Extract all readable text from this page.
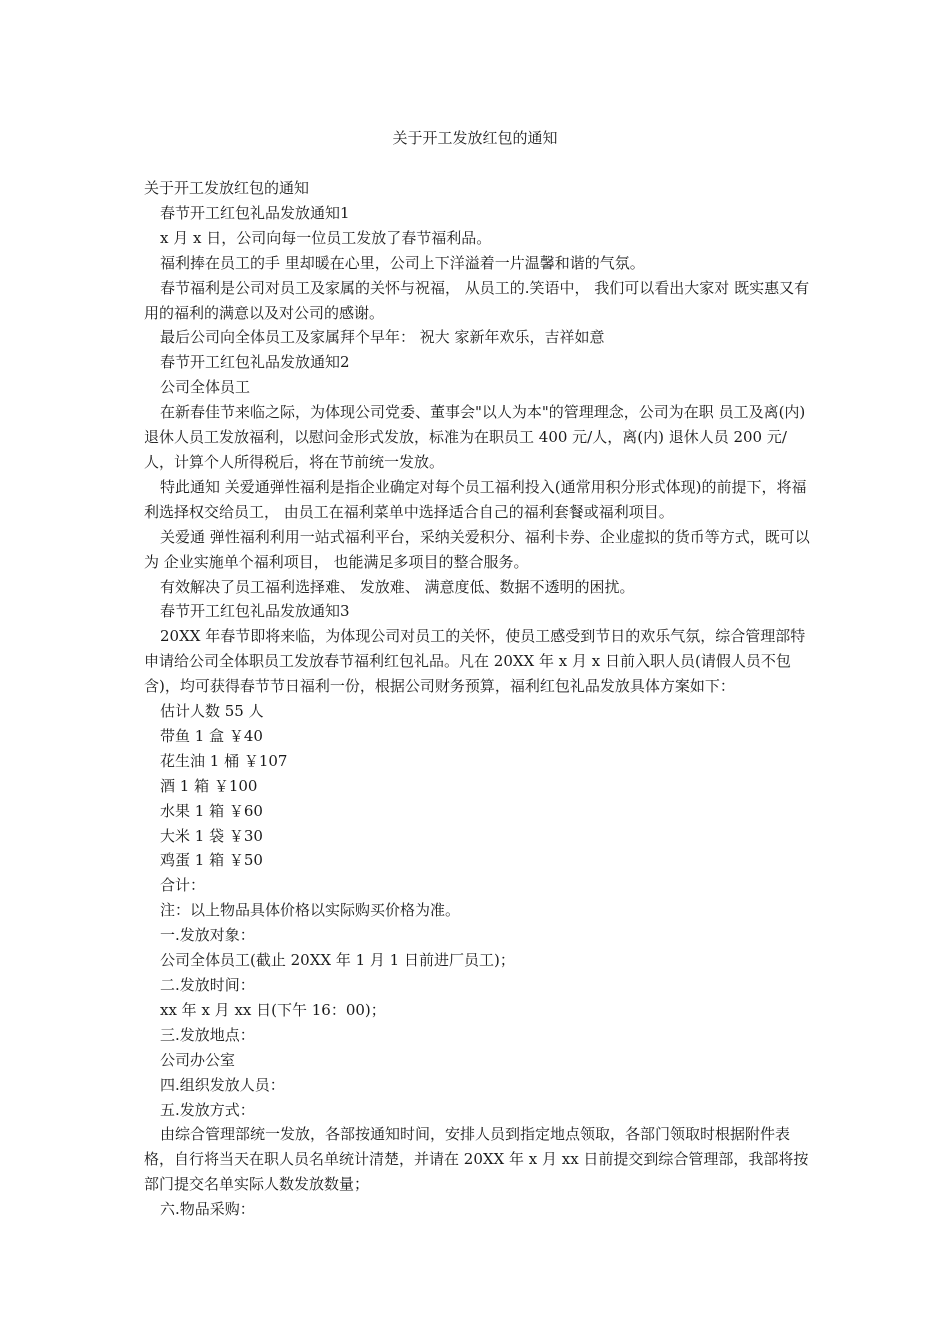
关于开工发放红包的通知

关于开工发放红包的通知

春节开工红包礼品发放通知1

x 月 x 日，公司向每一位员工发放了春节福利品。

福利捧在员工的手 里却暖在心里，公司上下洋溢着一片温馨和谐的气氛。

春节福利是公司对员工及家属的关怀与祝福， 从员工的.笑语中， 我们可以看出大家对 既实惠又有用的福利的满意以及对公司的感谢。

最后公司向全体员工及家属拜个早年： 祝大 家新年欢乐，吉祥如意

春节开工红包礼品发放通知2

公司全体员工

在新春佳节来临之际，为体现公司党委、董事会"以人为本"的管理理念，公司为在职 员工及离(内)退休人员工发放福利，以慰问金形式发放，标准为在职员工 400 元/人，离(内) 退休人员 200 元/人，计算个人所得税后，将在节前统一发放。

特此通知 关爱通弹性福利是指企业确定对每个员工福利投入(通常用积分形式体现)的前提下，将福利选择权交给员工， 由员工在福利菜单中选择适合自己的福利套餐或福利项目。

关爱通 弹性福利利用一站式福利平台，采纳关爱积分、福利卡券、企业虚拟的货币等方式，既可以为 企业实施单个福利项目， 也能满足多项目的整合服务。

有效解决了员工福利选择难、 发放难、 满意度低、数据不透明的困扰。

春节开工红包礼品发放通知3

20XX 年春节即将来临，为体现公司对员工的关怀，使员工感受到节日的欢乐气氛，综合管理部特申请给公司全体职员工发放春节福利红包礼品。凡在 20XX 年 x 月 x 日前入职人员(请假人员不包含)，均可获得春节节日福利一份，根据公司财务预算，福利红包礼品发放具体方案如下：

估计人数 55 人

带鱼 1 盒 ￥40

花生油 1 桶 ￥107

酒 1 箱 ￥100

水果 1 箱 ￥60

大米 1 袋 ￥30

鸡蛋 1 箱 ￥50

合计：

注：以上物品具体价格以实际购买价格为准。

一.发放对象：

公司全体员工(截止 20XX 年 1 月 1 日前进厂员工)；

二.发放时间：

xx 年 x 月 xx 日(下午 16：00)；

三.发放地点：

公司办公室

四.组织发放人员：

五.发放方式：

由综合管理部统一发放，各部按通知时间，安排人员到指定地点领取，各部门领取时根据附件表格，自行将当天在职人员名单统计清楚，并请在 20XX 年 x 月 xx 日前提交到综合管理部，我部将按部门提交名单实际人数发放数量；

六.物品采购：
